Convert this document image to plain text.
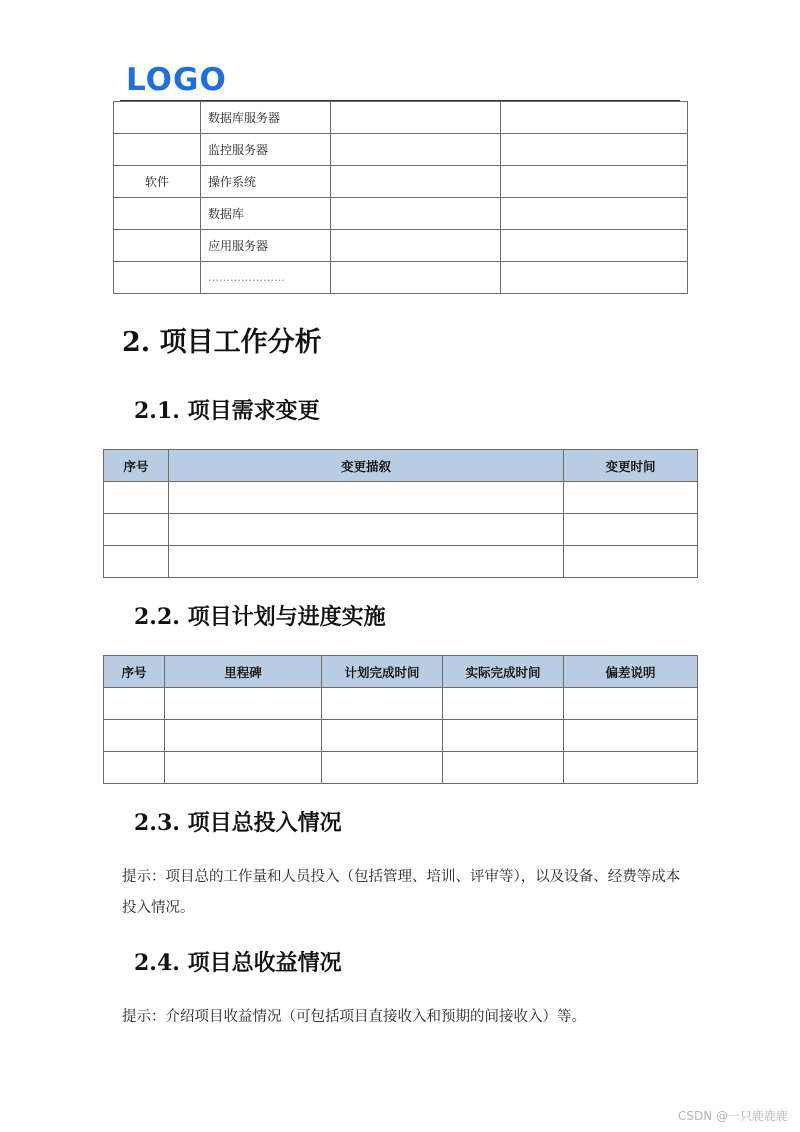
LOGO
	数据库服务器		
	监控服务器		
软件	操作系统		
	数据库		
	应用服务器		
	…………………		
2. 项目工作分析
2.1. 项目需求变更
序号	变更描叙	变更时间

2.2. 项目计划与进度实施
序号	里程碑	计划完成时间	实际完成时间	偏差说明

2.3. 项目总投入情况
提示：项目总的工作量和人员投入（包括管理、培训、评审等），以及设备、经费等成本投入情况。
2.4. 项目总收益情况
提示：介绍项目收益情况（可包括项目直接收入和预期的间接收入）等。
CSDN @一只鹿鹿鹿
